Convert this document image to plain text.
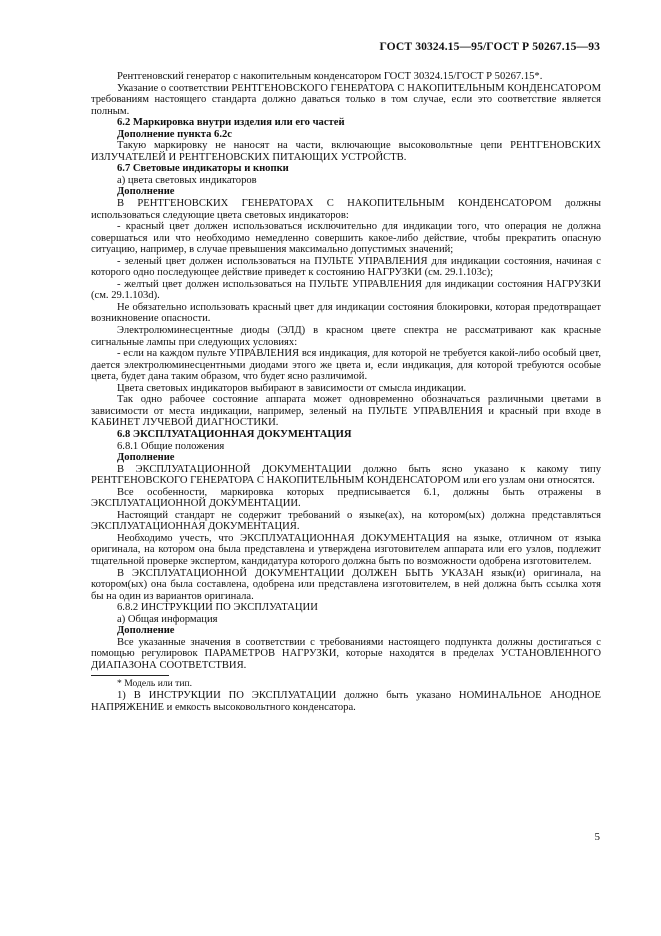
ГОСТ 30324.15—95/ГОСТ Р 50267.15—93

Рентгеновский генератор с накопительным конденсатором ГОСТ 30324.15/ГОСТ Р 50267.15*.

Указание о соответствии РЕНТГЕНОВСКОГО ГЕНЕРАТОРА С НАКОПИТЕЛЬНЫМ КОНДЕНСАТОРОМ требованиям настоящего стандарта должно даваться только в том случае, если это соответствие является полным.

6.2 Маркировка внутри изделия или его частей

Дополнение пункта 6.2с

Такую маркировку не наносят на части, включающие высоковольтные цепи РЕНТГЕНОВСКИХ ИЗЛУЧАТЕЛЕЙ И РЕНТГЕНОВСКИХ ПИТАЮЩИХ УСТРОЙСТВ.

6.7 Световые индикаторы и кнопки

а) цвета световых индикаторов

Дополнение

В РЕНТГЕНОВСКИХ ГЕНЕРАТОРАХ С НАКОПИТЕЛЬНЫМ КОНДЕНСАТОРОМ должны использоваться следующие цвета световых индикаторов:

- красный цвет должен использоваться исключительно для индикации того, что операция не должна совершаться или что необходимо немедленно совершить какое-либо действие, чтобы прекратить опасную ситуацию, например, в случае превышения максимально допустимых значений;

- зеленый цвет должен использоваться на ПУЛЬТЕ УПРАВЛЕНИЯ для индикации состояния, начиная с которого одно последующее действие приведет к состоянию НАГРУЗКИ (см. 29.1.103с);

- желтый цвет должен использоваться на ПУЛЬТЕ УПРАВЛЕНИЯ для индикации состояния НАГРУЗКИ (см. 29.1.103d).

Не обязательно использовать красный цвет для индикации состояния блокировки, которая предотвращает возникновение опасности.

Электролюминесцентные диоды (ЭЛД) в красном цвете спектра не рассматривают как красные сигнальные лампы при следующих условиях:

- если на каждом пульте УПРАВЛЕНИЯ вся индикация, для которой не требуется какой-либо особый цвет, дается электролюминесцентными диодами этого же цвета и, если индикация, для которой требуются особые цвета, будет дана таким образом, что будет ясно различимой.

Цвета световых индикаторов выбирают в зависимости от смысла индикации.

Так одно рабочее состояние аппарата может одновременно обозначаться различными цветами в зависимости от места индикации, например, зеленый на ПУЛЬТЕ УПРАВЛЕНИЯ и красный при входе в КАБИНЕТ ЛУЧЕВОЙ ДИАГНОСТИКИ.

6.8 ЭКСПЛУАТАЦИОННАЯ ДОКУМЕНТАЦИЯ

6.8.1 Общие положения

Дополнение

В ЭКСПЛУАТАЦИОННОЙ ДОКУМЕНТАЦИИ должно быть ясно указано к какому типу РЕНТГЕНОВСКОГО ГЕНЕРАТОРА С НАКОПИТЕЛЬНЫМ КОНДЕНСАТОРОМ или его узлам они относятся.

Все особенности, маркировка которых предписывается 6.1, должны быть отражены в ЭКСПЛУАТАЦИОННОЙ ДОКУМЕНТАЦИИ.

Настоящий стандарт не содержит требований о языке(ах), на котором(ых) должна представляться ЭКСПЛУАТАЦИОННАЯ ДОКУМЕНТАЦИЯ.

Необходимо учесть, что ЭКСПЛУАТАЦИОННАЯ ДОКУМЕНТАЦИЯ на языке, отличном от языка оригинала, на котором она была представлена и утверждена изготовителем аппарата или его узлов, подлежит тщательной проверке экспертом, кандидатура которого должна быть по возможности одобрена изготовителем.

В ЭКСПЛУАТАЦИОННОЙ ДОКУМЕНТАЦИИ ДОЛЖЕН БЫТЬ УКАЗАН язык(и) оригинала, на котором(ых) она была составлена, одобрена или представлена изготовителем, в ней должна быть ссылка хотя бы на один из вариантов оригинала.

6.8.2 ИНСТРУКЦИИ ПО ЭКСПЛУАТАЦИИ

а) Общая информация

Дополнение

Все указанные значения в соответствии с требованиями настоящего подпункта должны достигаться с помощью регулировок ПАРАМЕТРОВ НАГРУЗКИ, которые находятся в пределах УСТАНОВЛЕННОГО ДИАПАЗОНА СООТВЕТСТВИЯ.

* Модель или тип.

1) В ИНСТРУКЦИИ ПО ЭКСПЛУАТАЦИИ должно быть указано НОМИНАЛЬНОЕ АНОДНОЕ НАПРЯЖЕНИЕ и емкость высоковольтного конденсатора.

5
